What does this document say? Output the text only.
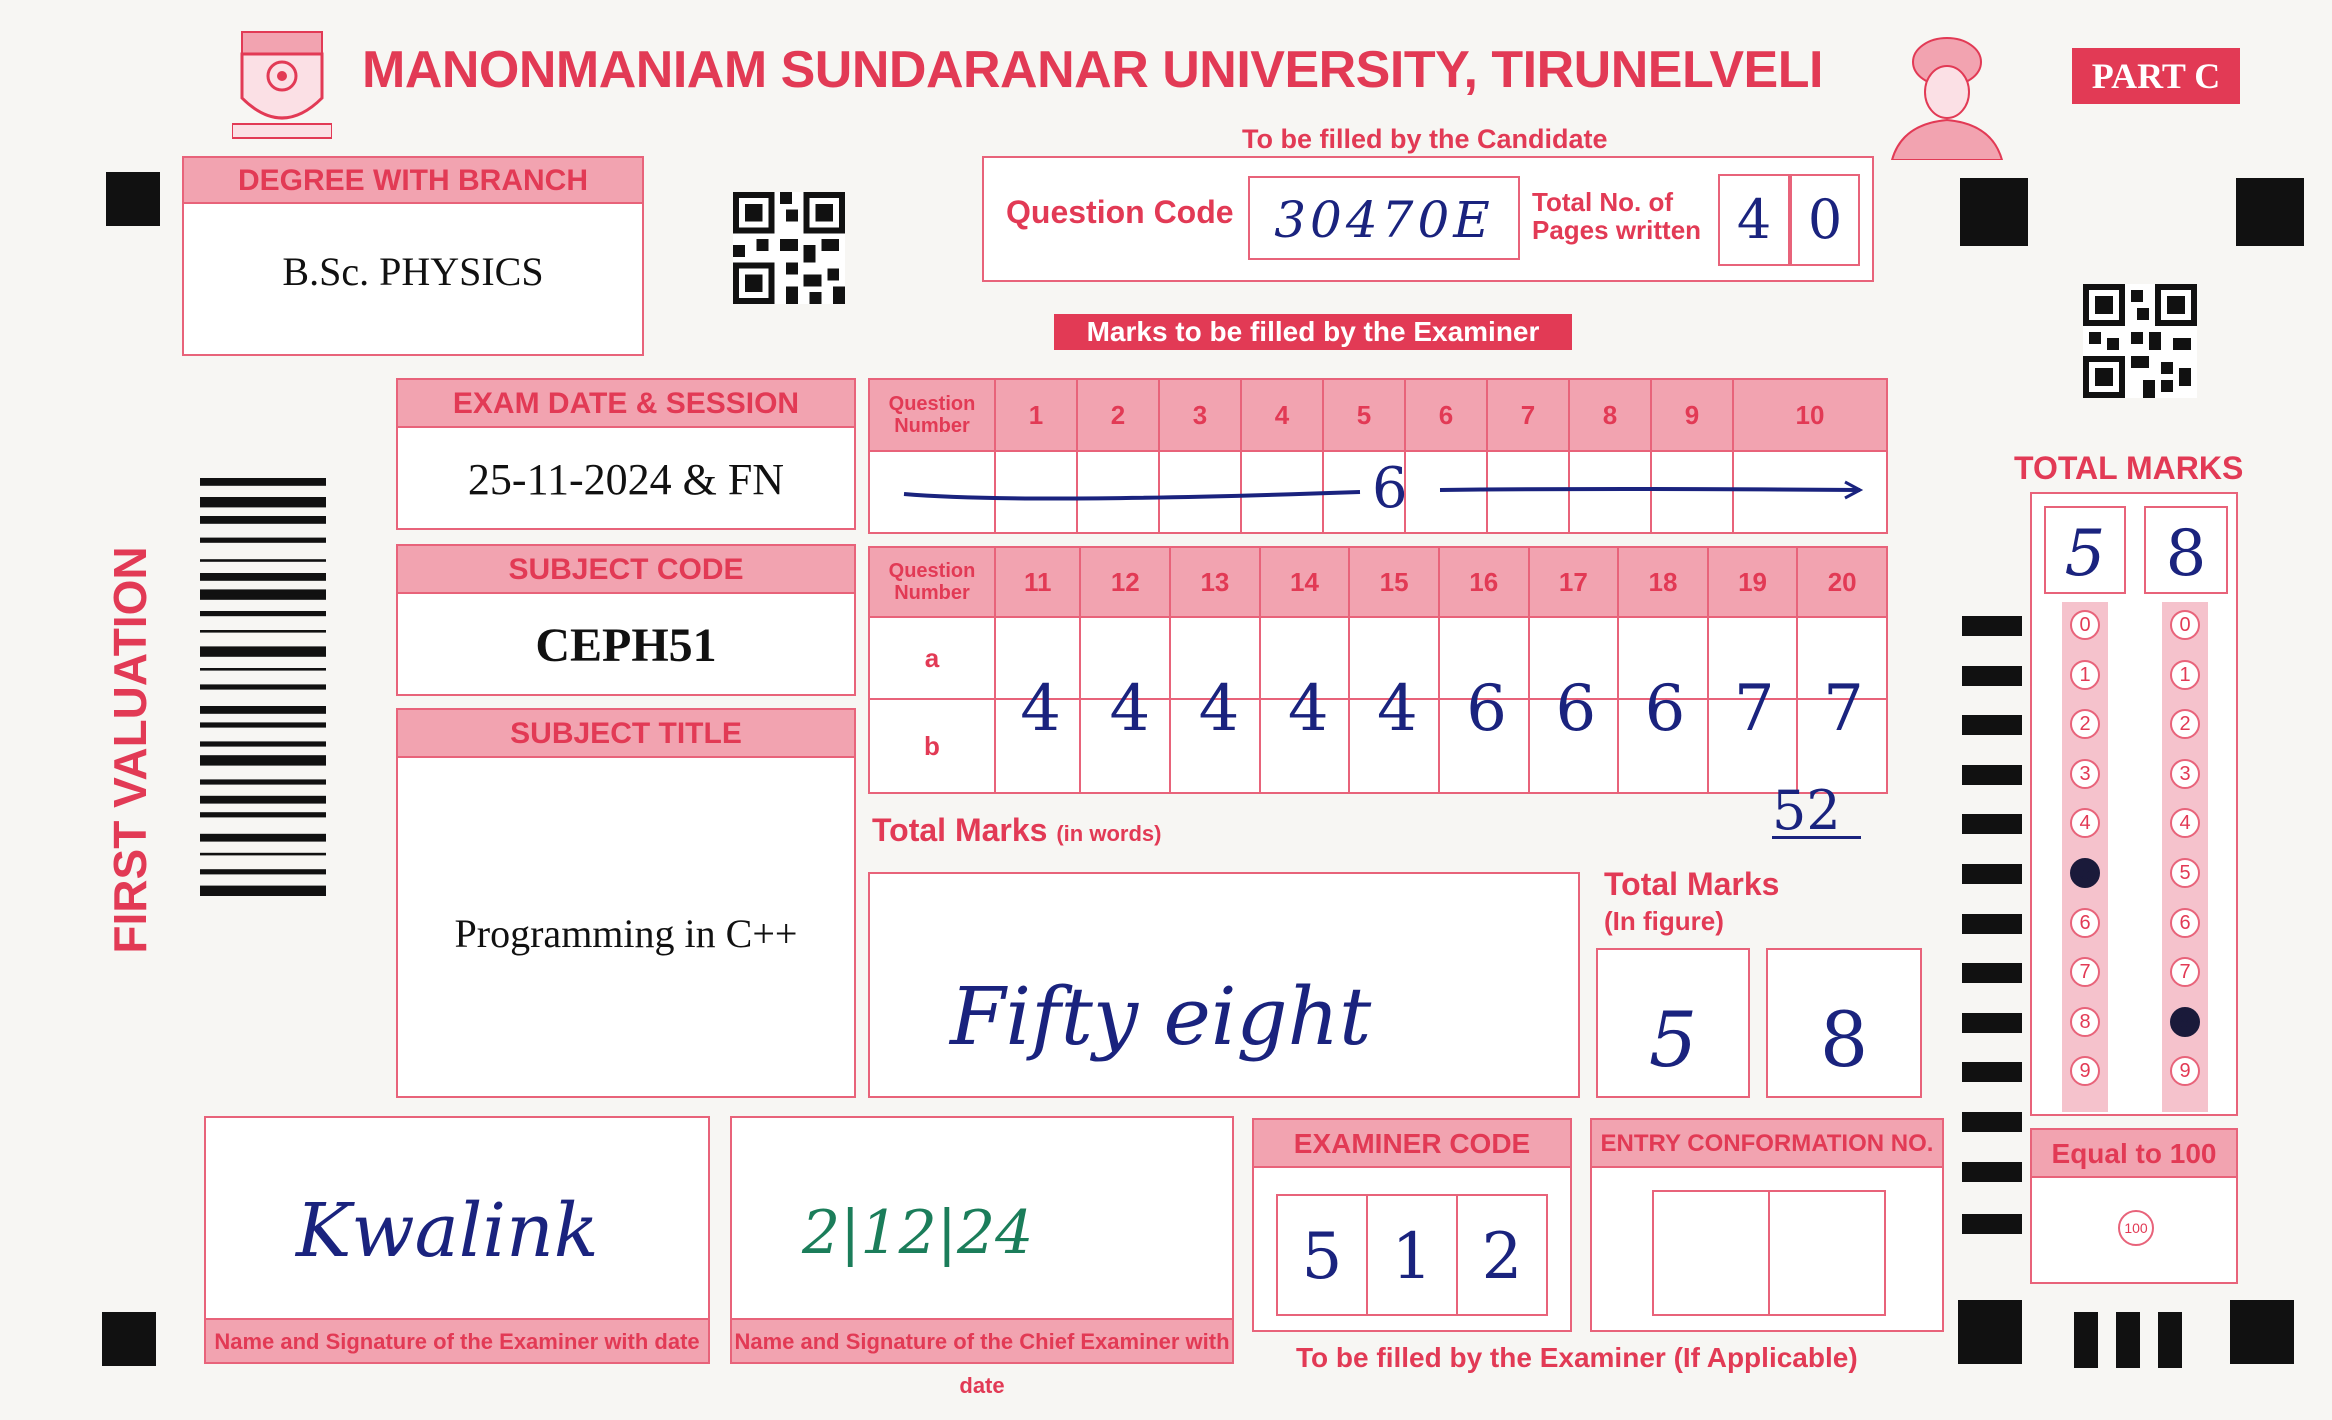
MANONMANIAM SUNDARANAR UNIVERSITY, TIRUNELVELI	PART C
DEGREE WITH BRANCH
B.Sc. PHYSICS
To be filled by the Candidate
Question Code 30470E	Total No. of
Pages written 4 0
Marks to be filled by the Examiner
EXAM DATE & SESSION
25-11-2024 & FN
SUBJECT CODE
CEPH51
SUBJECT TITLE
Programming in C++
FIRST VALUATION
Question
Number	1	2	3	4	5	6	7	8	9	10

6
Question
Number	11	12	13	14	15	16	17	18	19	20
a										
b											4 4 4 4 4 6 6 6 7 7
52
Total Marks (in words)
Fifty eight
Total Marks
(In figure)
5	8
TOTAL MARKS
5 8
0
1
2
3
4
5
6
7
8
9
0
1
2
3
4
5
6
7
8
9
Equal to 100
100
Kwalink
Name and Signature of the Examiner with date
2|12|24
Name and Signature of the Chief Examiner with date
EXAMINER CODE
5 1 2
ENTRY CONFORMATION NO.
To be filled by the Examiner (If Applicable)
